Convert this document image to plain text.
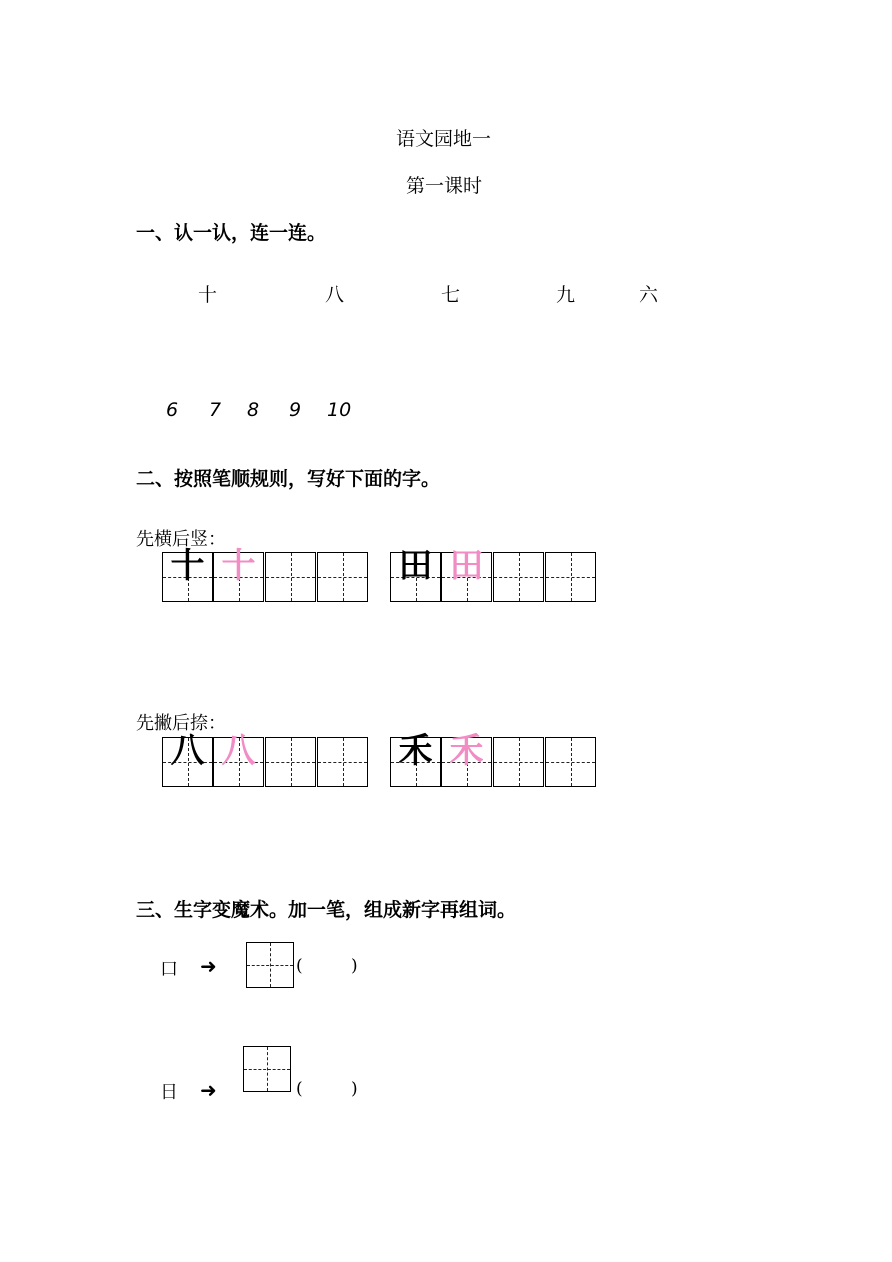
语文园地一
第一课时
一、认一认，连一连。
十	八	七	九	六
6 7 8 9 10
二、按照笔顺规则，写好下面的字。
先横后竖：
十 十	田 田
先撇后捺：
八 八	禾 禾
三、生字变魔术。加一笔，组成新字再组词。
口 ➜	(	)
日 ➜	(	)
